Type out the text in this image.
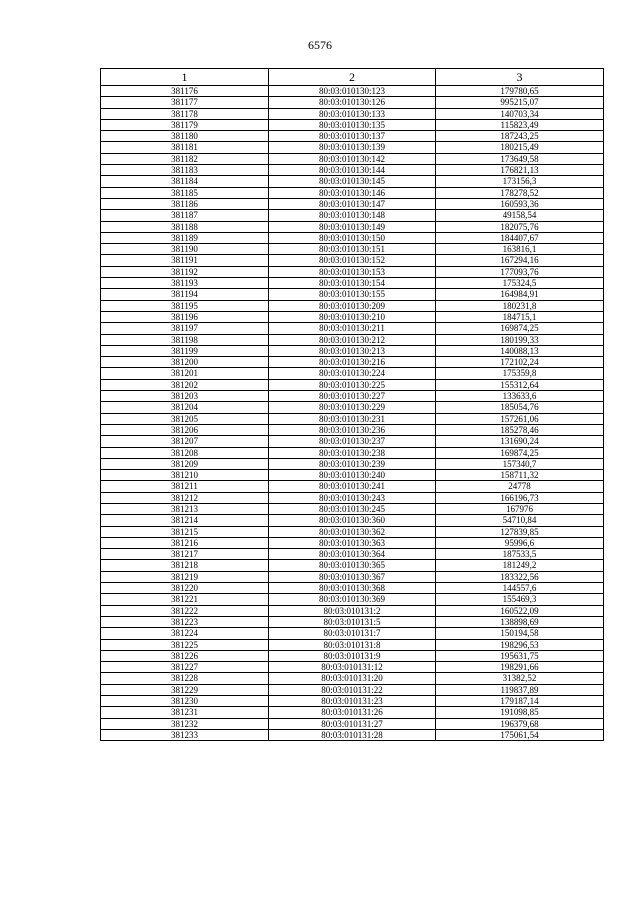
6576
1	2	3
381176	80:03:010130:123	179780,65
381177	80:03:010130:126	995215,07
381178	80:03:010130:133	140703,34
381179	80:03:010130:135	115823,49
381180	80:03:010130:137	187243,25
381181	80:03:010130:139	180215,49
381182	80:03:010130:142	173649,58
381183	80:03:010130:144	176821,13
381184	80:03:010130:145	173156,3
381185	80:03:010130:146	178278,52
381186	80:03:010130:147	160593,36
381187	80:03:010130:148	49158,54
381188	80:03:010130:149	182075,76
381189	80:03:010130:150	184407,67
381190	80:03:010130:151	163816,1
381191	80:03:010130:152	167294,16
381192	80:03:010130:153	177093,76
381193	80:03:010130:154	175324,5
381194	80:03:010130:155	164984,91
381195	80:03:010130:209	180231,8
381196	80:03:010130:210	184715,1
381197	80:03:010130:211	169874,25
381198	80:03:010130:212	180199,33
381199	80:03:010130:213	140088,13
381200	80:03:010130:216	172102,24
381201	80:03:010130:224	175359,8
381202	80:03:010130:225	155312,64
381203	80:03:010130:227	133633,6
381204	80:03:010130:229	185054,76
381205	80:03:010130:231	157261,06
381206	80:03:010130:236	185278,46
381207	80:03:010130:237	131690,24
381208	80:03:010130:238	169874,25
381209	80:03:010130:239	157340,7
381210	80:03:010130:240	158711,32
381211	80:03:010130:241	24778
381212	80:03:010130:243	166196,73
381213	80:03:010130:245	167976
381214	80:03:010130:360	54710,84
381215	80:03:010130:362	127839,85
381216	80:03:010130:363	95996,6
381217	80:03:010130:364	187533,5
381218	80:03:010130:365	181249,2
381219	80:03:010130:367	183322,56
381220	80:03:010130:368	144557,6
381221	80:03:010130:369	155469,3
381222	80:03:010131:2	160522,09
381223	80:03:010131:5	138898,69
381224	80:03:010131:7	150194,58
381225	80:03:010131:8	198296,53
381226	80:03:010131:9	195631,75
381227	80:03:010131:12	198291,66
381228	80:03:010131:20	31382,52
381229	80:03:010131:22	119837,89
381230	80:03:010131:23	179187,14
381231	80:03:010131:26	191098,85
381232	80:03:010131:27	196379,68
381233	80:03:010131:28	175061,54
